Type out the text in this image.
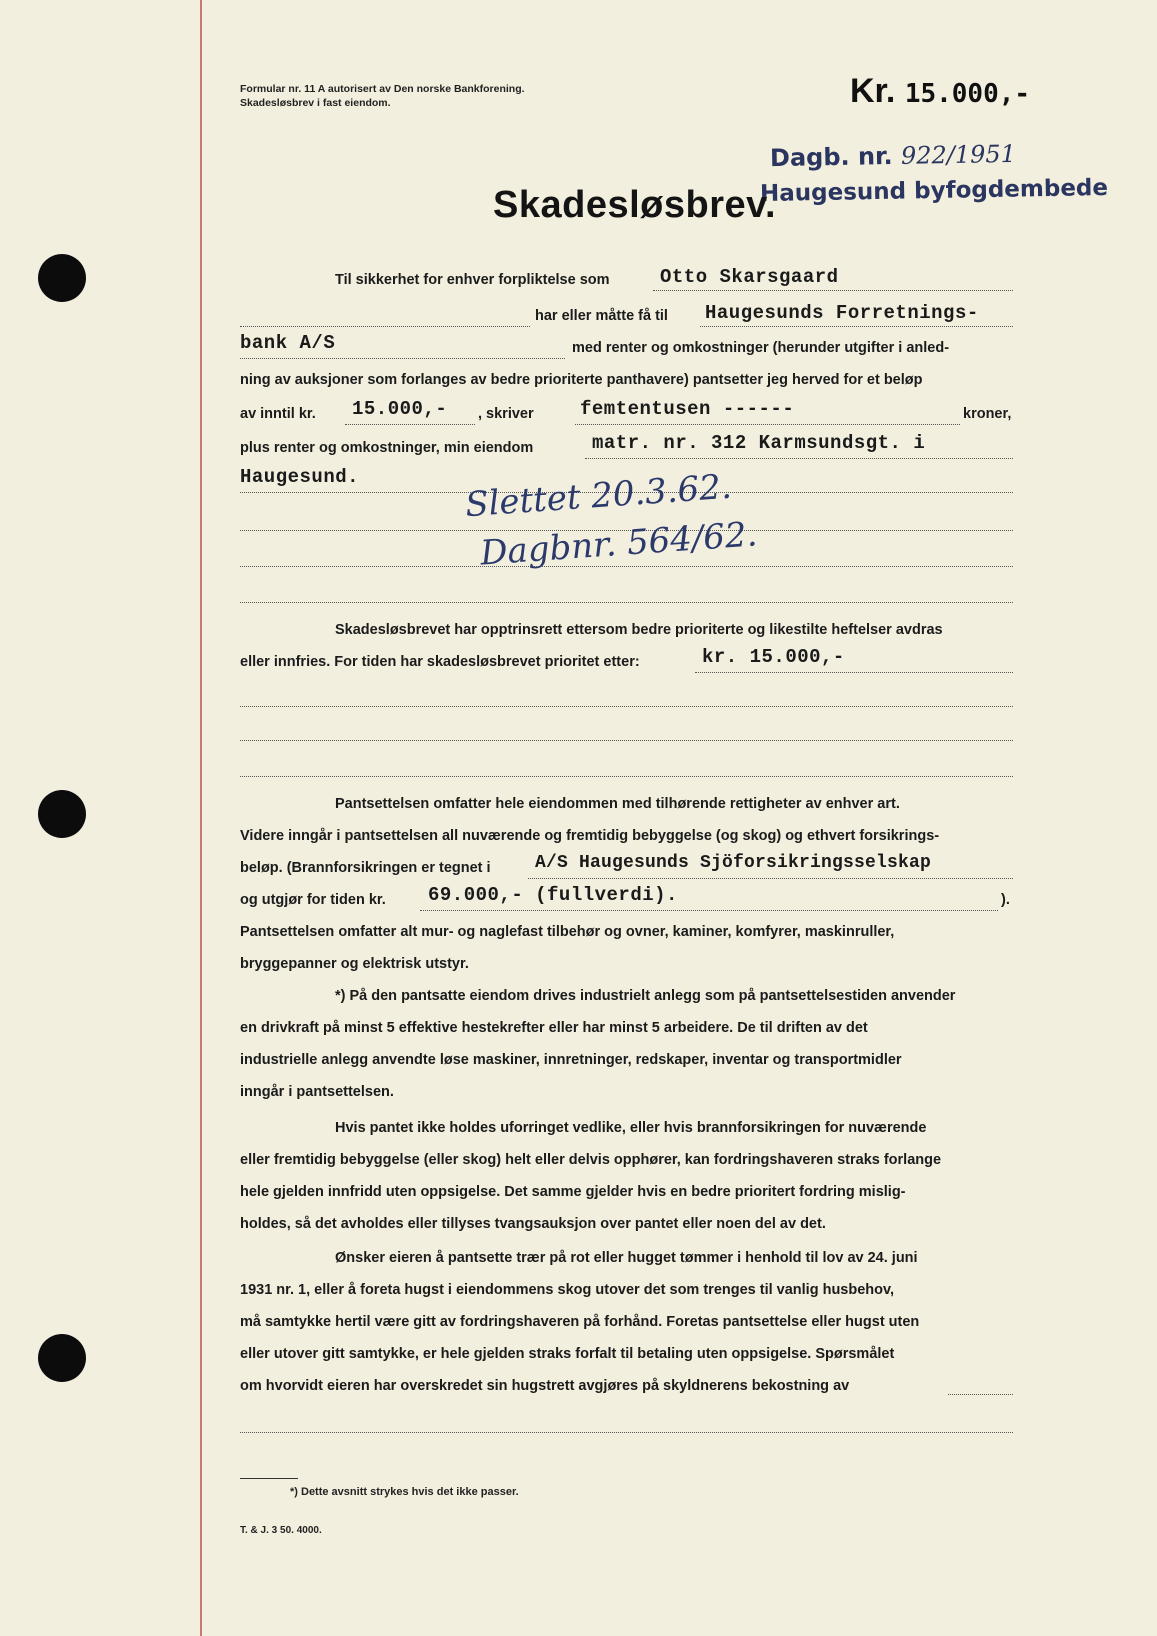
Formular nr. 11 A autorisert av Den norske Bankforening.
Skadesløsbrev i fast eiendom.	Kr. 15.000,-
Dagb. nr. 922/1951
Haugesund byfogdembede
Skadesløsbrev.
Til sikkerhet for enhver forpliktelse som	Otto Skarsgaard
har eller måtte få til Haugesunds Forretnings-
bank A/S	med renter og omkostninger (herunder utgifter i anled-
ning av auksjoner som forlanges av bedre prioriterte panthavere) pantsetter jeg herved for et beløp
av inntil kr. 15.000,- , skriver femtentusen ------	kroner,
plus renter og omkostninger, min eiendom	matr. nr. 312 Karmsundsgt. i
Haugesund.	Slettet 20.3.62.
Dagbnr. 564/62.
Skadesløsbrevet har opptrinsrett ettersom bedre prioriterte og likestilte heftelser avdras
eller innfries. For tiden har skadesløsbrevet prioritet etter:	kr. 15.000,-
Pantsettelsen omfatter hele eiendommen med tilhørende rettigheter av enhver art.
Videre inngår i pantsettelsen all nuværende og fremtidig bebyggelse (og skog) og ethvert forsikrings-
beløp. (Brannforsikringen er tegnet i A/S Haugesunds Sjöforsikringsselskap
og utgjør for tiden kr. 69.000,- (fullverdi).	).
Pantsettelsen omfatter alt mur- og naglefast tilbehør og ovner, kaminer, komfyrer, maskinruller,
bryggepanner og elektrisk utstyr.
*) På den pantsatte eiendom drives industrielt anlegg som på pantsettelsestiden anvender
en drivkraft på minst 5 effektive hestekrefter eller har minst 5 arbeidere. De til driften av det
industrielle anlegg anvendte løse maskiner, innretninger, redskaper, inventar og transportmidler
inngår i pantsettelsen.
Hvis pantet ikke holdes uforringet vedlike, eller hvis brannforsikringen for nuværende
eller fremtidig bebyggelse (eller skog) helt eller delvis opphører, kan fordringshaveren straks forlange
hele gjelden innfridd uten oppsigelse. Det samme gjelder hvis en bedre prioritert fordring mislig-
holdes, så det avholdes eller tillyses tvangsauksjon over pantet eller noen del av det.
Ønsker eieren å pantsette trær på rot eller hugget tømmer i henhold til lov av 24. juni
1931 nr. 1, eller å foreta hugst i eiendommens skog utover det som trenges til vanlig husbehov,
må samtykke hertil være gitt av fordringshaveren på forhånd. Foretas pantsettelse eller hugst uten
eller utover gitt samtykke, er hele gjelden straks forfalt til betaling uten oppsigelse. Spørsmålet
om hvorvidt eieren har overskredet sin hugstrett avgjøres på skyldnerens bekostning av
*) Dette avsnitt strykes hvis det ikke passer.
T. & J. 3 50. 4000.
